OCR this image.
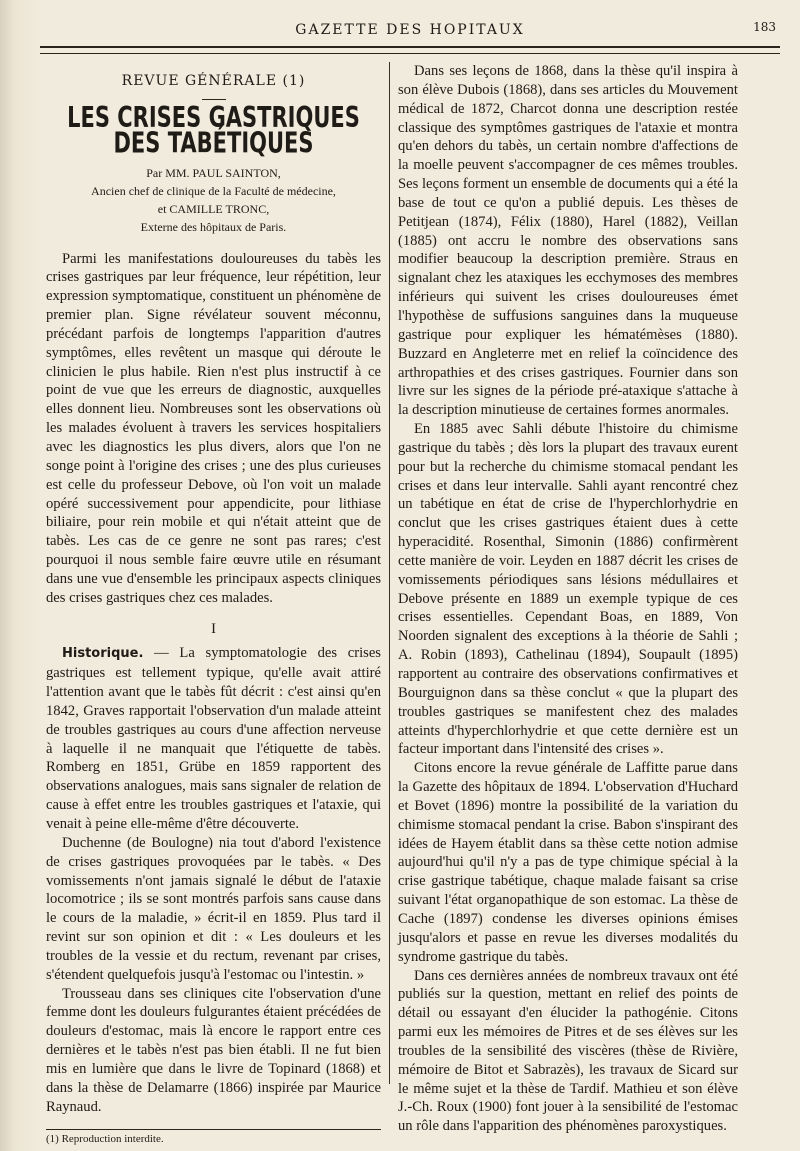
GAZETTE DES HOPITAUX	183
REVUE GÉNÉRALE (1)
LES CRISES GASTRIQUES DES TABÉTIQUES
Par MM. PAUL SAINTON,
Ancien chef de clinique de la Faculté de médecine,
et CAMILLE TRONC,
Externe des hôpitaux de Paris.

Parmi les manifestations douloureuses du tabès les crises gastriques par leur fréquence, leur répétition, leur expression symptomatique, constituent un phénomène de premier plan. Signe révélateur souvent méconnu, précédant parfois de longtemps l'apparition d'autres symptômes, elles revêtent un masque qui déroute le clinicien le plus habile. Rien n'est plus instructif à ce point de vue que les erreurs de diagnostic, auxquelles elles donnent lieu. Nombreuses sont les observations où les malades évoluent à travers les services hospitaliers avec les diagnostics les plus divers, alors que l'on ne songe point à l'origine des crises ; une des plus curieuses est celle du professeur Debove, où l'on voit un malade opéré successivement pour appendicite, pour lithiase biliaire, pour rein mobile et qui n'était atteint que de tabès. Les cas de ce genre ne sont pas rares; c'est pourquoi il nous semble faire œuvre utile en résumant dans une vue d'ensemble les principaux aspects cliniques des crises gastriques chez ces malades.

I

Historique. — La symptomatologie des crises gastriques est tellement typique, qu'elle avait attiré l'attention avant que le tabès fût décrit : c'est ainsi qu'en 1842, Graves rapportait l'observation d'un malade atteint de troubles gastriques au cours d'une affection nerveuse à laquelle il ne manquait que l'étiquette de tabès. Romberg en 1851, Grübe en 1859 rapportent des observations analogues, mais sans signaler de relation de cause à effet entre les troubles gastriques et l'ataxie, qui venait à peine elle-même d'être découverte.

Duchenne (de Boulogne) nia tout d'abord l'existence de crises gastriques provoquées par le tabès. « Des vomissements n'ont jamais signalé le début de l'ataxie locomotrice ; ils se sont montrés parfois sans cause dans le cours de la maladie, » écrit-il en 1859. Plus tard il revint sur son opinion et dit : « Les douleurs et les troubles de la vessie et du rectum, revenant par crises, s'étendent quelquefois jusqu'à l'estomac ou l'intestin. »

Trousseau dans ses cliniques cite l'observation d'une femme dont les douleurs fulgurantes étaient précédées de douleurs d'estomac, mais là encore le rapport entre ces dernières et le tabès n'est pas bien établi. Il ne fut bien mis en lumière que dans le livre de Topinard (1868) et dans la thèse de Delamarre (1866) inspirée par Maurice Raynaud.

(1) Reproduction interdite.

Dans ses leçons de 1868, dans la thèse qu'il inspira à son élève Dubois (1868), dans ses articles du Mouvement médical de 1872, Charcot donna une description restée classique des symptômes gastriques de l'ataxie et montra qu'en dehors du tabès, un certain nombre d'affections de la moelle peuvent s'accompagner de ces mêmes troubles. Ses leçons forment un ensemble de documents qui a été la base de tout ce qu'on a publié depuis. Les thèses de Petitjean (1874), Félix (1880), Harel (1882), Veillan (1885) ont accru le nombre des observations sans modifier beaucoup la description première. Straus en signalant chez les ataxiques les ecchymoses des membres inférieurs qui suivent les crises douloureuses émet l'hypothèse de suffusions sanguines dans la muqueuse gastrique pour expliquer les hématémèses (1880). Buzzard en Angleterre met en relief la coïncidence des arthropathies et des crises gastriques. Fournier dans son livre sur les signes de la période pré-ataxique s'attache à la description minutieuse de certaines formes anormales.

En 1885 avec Sahli débute l'histoire du chimisme gastrique du tabès ; dès lors la plupart des travaux eurent pour but la recherche du chimisme stomacal pendant les crises et dans leur intervalle. Sahli ayant rencontré chez un tabétique en état de crise de l'hyperchlorhydrie en conclut que les crises gastriques étaient dues à cette hyperacidité. Rosenthal, Simonin (1886) confirmèrent cette manière de voir. Leyden en 1887 décrit les crises de vomissements périodiques sans lésions médullaires et Debove présente en 1889 un exemple typique de ces crises essentielles. Cependant Boas, en 1889, Von Noorden signalent des exceptions à la théorie de Sahli ; A. Robin (1893), Cathelinau (1894), Soupault (1895) rapportent au contraire des observations confirmatives et Bourguignon dans sa thèse conclut « que la plupart des troubles gastriques se manifestent chez des malades atteints d'hyperchlorhydrie et que cette dernière est un facteur important dans l'intensité des crises ».

Citons encore la revue générale de Laffitte parue dans la Gazette des hôpitaux de 1894. L'observation d'Huchard et Bovet (1896) montre la possibilité de la variation du chimisme stomacal pendant la crise. Babon s'inspirant des idées de Hayem établit dans sa thèse cette notion admise aujourd'hui qu'il n'y a pas de type chimique spécial à la crise gastrique tabétique, chaque malade faisant sa crise suivant l'état organopathique de son estomac. La thèse de Cache (1897) condense les diverses opinions émises jusqu'alors et passe en revue les diverses modalités du syndrome gastrique du tabès.

Dans ces dernières années de nombreux travaux ont été publiés sur la question, mettant en relief des points de détail ou essayant d'en élucider la pathogénie. Citons parmi eux les mémoires de Pitres et de ses élèves sur les troubles de la sensibilité des viscères (thèse de Rivière, mémoire de Bitot et Sabrazès), les travaux de Sicard sur le même sujet et la thèse de Tardif. Mathieu et son élève J.-Ch. Roux (1900) font jouer à la sensibilité de l'estomac un rôle dans l'apparition des phénomènes paroxystiques.
